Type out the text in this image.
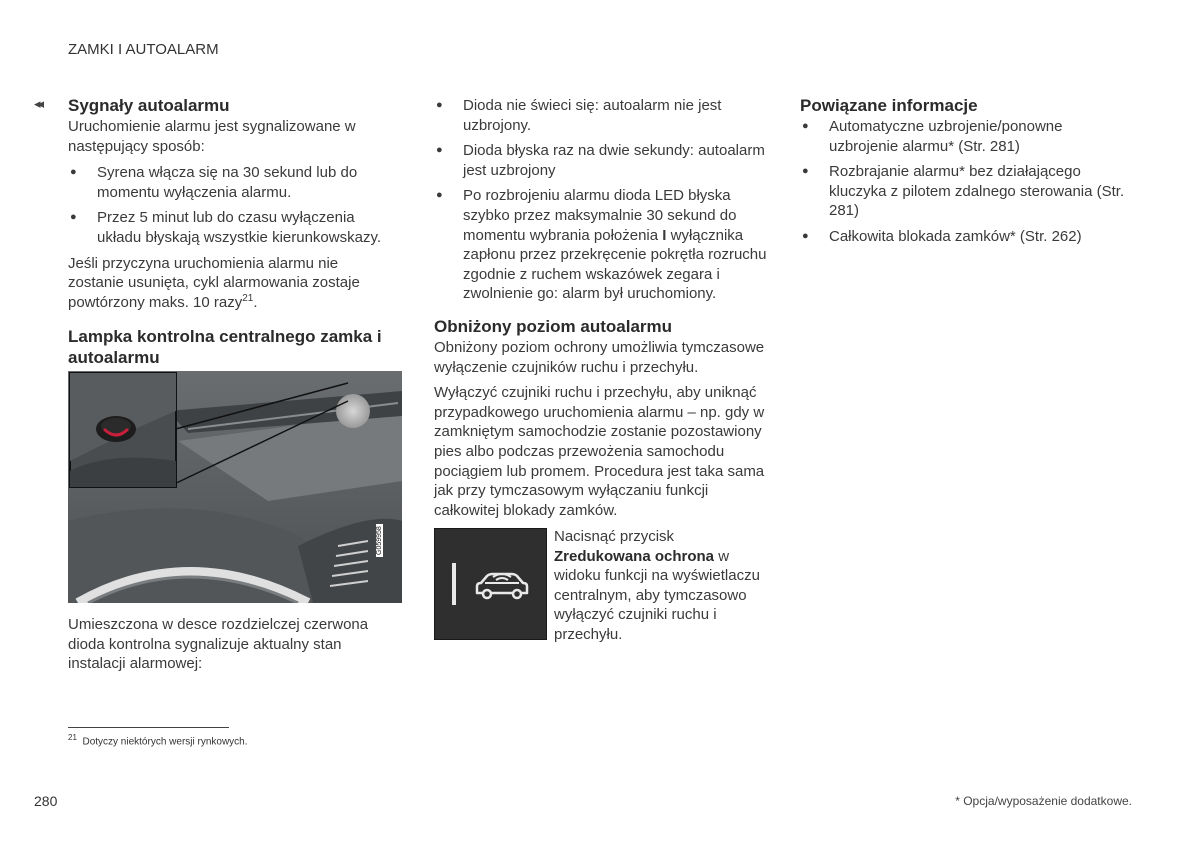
ZAMKI I AUTOALARM
◂◂ Sygnały autoalarmu

Uruchomienie alarmu jest sygnalizowane w następujący sposób:

● Syrena włącza się na 30 sekund lub do momentu wyłączenia alarmu.
● Przez 5 minut lub do czasu wyłączenia układu błyskają wszystkie kierunkowskazy.

Jeśli przyczyna uruchomienia alarmu nie zostanie usunięta, cykl alarmowania zostaje powtórzony maks. 10 razy$^{21}$.

Lampka kontrolna centralnego zamka i autoalarmu
G059958

Umieszczona w desce rozdzielczej czerwona dioda kontrolna sygnalizuje aktualny stan instalacji alarmowej:

● Dioda nie świeci się: autoalarm nie jest uzbrojony.
● Dioda błyska raz na dwie sekundy: autoalarm jest uzbrojony
● Po rozbrojeniu alarmu dioda LED błyska szybko przez maksymalnie 30 sekund do momentu wybrania położenia I wyłącznika zapłonu przez przekręcenie pokrętła rozruchu zgodnie z ruchem wskazówek zegara i zwolnienie go: alarm był uruchomiony.
Obniżony poziom autoalarmu

Obniżony poziom ochrony umożliwia tymczasowe wyłączenie czujników ruchu i przechyłu.

Wyłączyć czujniki ruchu i przechyłu, aby uniknąć przypadkowego uruchomienia alarmu – np. gdy w zamkniętym samochodzie zostanie pozostawiony pies albo podczas przewożenia samochodu pociągiem lub promem. Procedura jest taka sama jak przy tymczasowym wyłączaniu funkcji całkowitej blokady zamków.

Nacisnąć przycisk Zredukowana ochrona w widoku funkcji na wyświetlaczu centralnym, aby tymczasowo wyłączyć czujniki ruchu i przechyłu.

Powiązane informacje
● Automatyczne uzbrojenie/ponowne uzbrojenie alarmu* (Str. 281)
● Rozbrajanie alarmu* bez działającego kluczyka z pilotem zdalnego sterowania (Str. 281)
● Całkowita blokada zamków* (Str. 262)
$^{21}$ Dotyczy niektórych wersji rynkowych.
280	* Opcja/wyposażenie dodatkowe.
